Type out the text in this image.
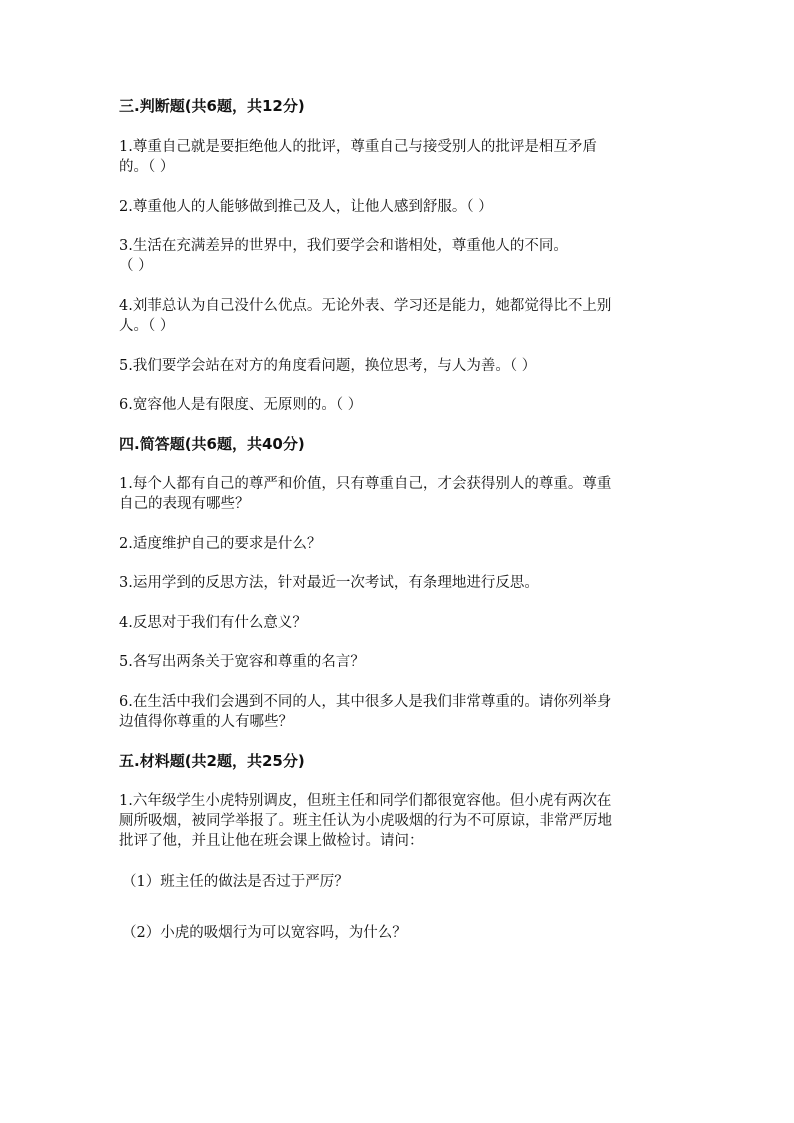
三.判断题(共6题，共12分)
1.尊重自己就是要拒绝他人的批评，尊重自己与接受别人的批评是相互矛盾
的。（ ）
2.尊重他人的人能够做到推己及人，让他人感到舒服。（ ）
3.生活在充满差异的世界中，我们要学会和谐相处，尊重他人的不同。
（ ）
4.刘菲总认为自己没什么优点。无论外表、学习还是能力，她都觉得比不上别
人。（ ）
5.我们要学会站在对方的角度看问题，换位思考，与人为善。（ ）
6.宽容他人是有限度、无原则的。（ ）
四.简答题(共6题，共40分)
1.每个人都有自己的尊严和价值，只有尊重自己，才会获得别人的尊重。尊重
自己的表现有哪些？
2.适度维护自己的要求是什么？
3.运用学到的反思方法，针对最近一次考试，有条理地进行反思。
4.反思对于我们有什么意义？
5.各写出两条关于宽容和尊重的名言？
6.在生活中我们会遇到不同的人，其中很多人是我们非常尊重的。请你列举身
边值得你尊重的人有哪些？
五.材料题(共2题，共25分)
1.六年级学生小虎特别调皮，但班主任和同学们都很宽容他。但小虎有两次在
厕所吸烟，被同学举报了。班主任认为小虎吸烟的行为不可原谅，非常严厉地
批评了他，并且让他在班会课上做检讨。请问：
（1）班主任的做法是否过于严厉？
（2）小虎的吸烟行为可以宽容吗，为什么？
